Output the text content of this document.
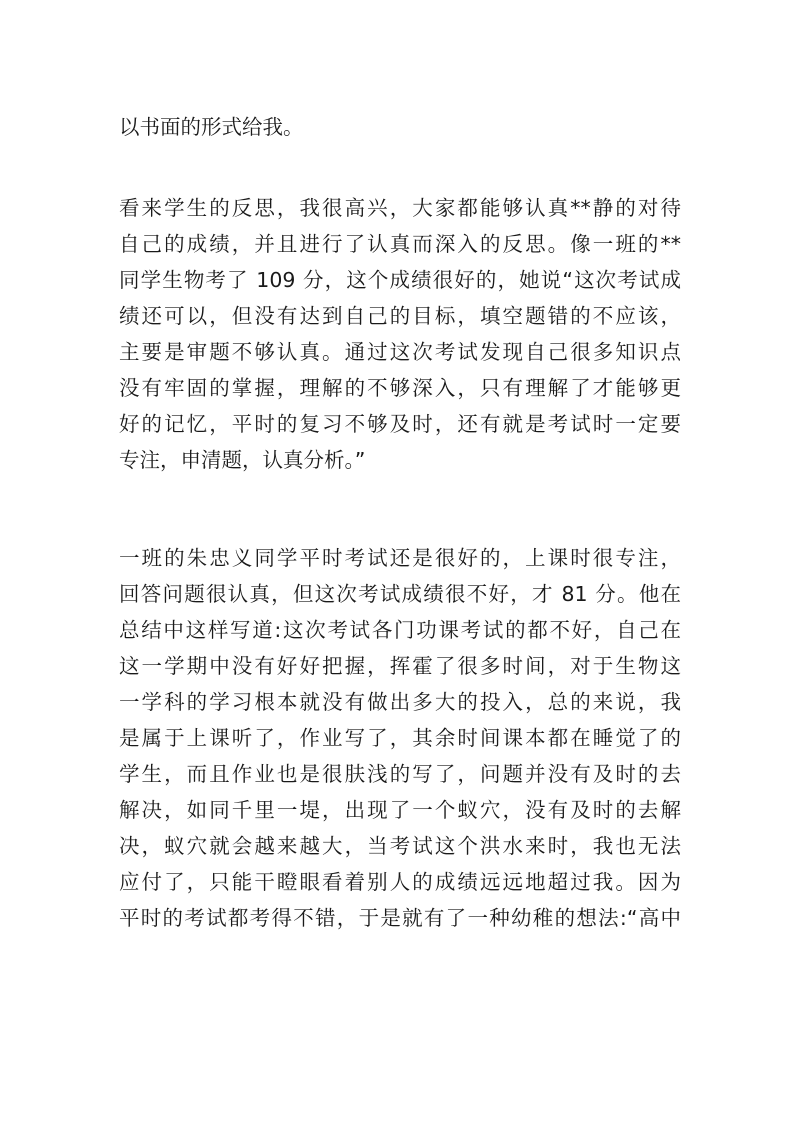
以书面的形式给我。
看来学生的反思，我很高兴，大家都能够认真**静的对待
自己的成绩，并且进行了认真而深入的反思。像一班的**
同学生物考了 109 分，这个成绩很好的，她说“这次考试成
绩还可以，但没有达到自己的目标，填空题错的不应该，
主要是审题不够认真。通过这次考试发现自己很多知识点
没有牢固的掌握，理解的不够深入，只有理解了才能够更
好的记忆，平时的复习不够及时，还有就是考试时一定要
专注，申清题，认真分析。”
一班的朱忠义同学平时考试还是很好的，上课时很专注，
回答问题很认真，但这次考试成绩很不好，才 81 分。他在
总结中这样写道:这次考试各门功课考试的都不好，自己在
这一学期中没有好好把握，挥霍了很多时间，对于生物这
一学科的学习根本就没有做出多大的投入，总的来说，我
是属于上课听了，作业写了，其余时间课本都在睡觉了的
学生，而且作业也是很肤浅的写了，问题并没有及时的去
解决，如同千里一堤，出现了一个蚁穴，没有及时的去解
决，蚁穴就会越来越大，当考试这个洪水来时，我也无法
应付了，只能干瞪眼看着别人的成绩远远地超过我。因为
平时的考试都考得不错，于是就有了一种幼稚的想法:“高中
